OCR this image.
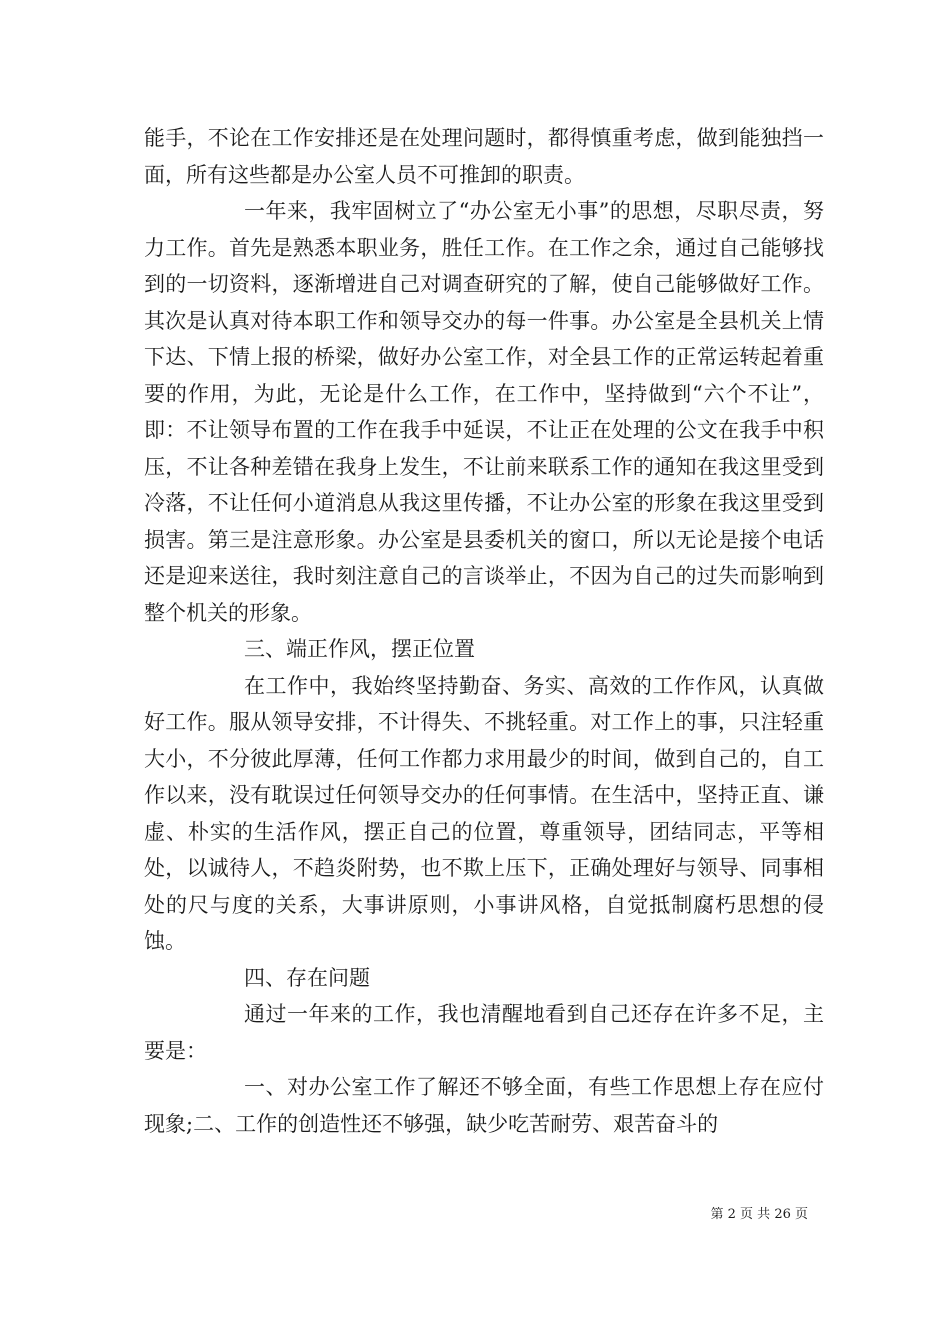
能手，不论在工作安排还是在处理问题时，都得慎重考虑，做到能独挡一面，所有这些都是办公室人员不可推卸的职责。

一年来，我牢固树立了“办公室无小事”的思想，尽职尽责，努力工作。首先是熟悉本职业务，胜任工作。在工作之余，通过自己能够找到的一切资料，逐渐增进自己对调查研究的了解，使自己能够做好工作。其次是认真对待本职工作和领导交办的每一件事。办公室是全县机关上情下达、下情上报的桥梁，做好办公室工作，对全县工作的正常运转起着重要的作用，为此，无论是什么工作，在工作中，坚持做到“六个不让”，即：不让领导布置的工作在我手中延误，不让正在处理的公文在我手中积压，不让各种差错在我身上发生，不让前来联系工作的通知在我这里受到冷落，不让任何小道消息从我这里传播，不让办公室的形象在我这里受到损害。第三是注意形象。办公室是县委机关的窗口，所以无论是接个电话还是迎来送往，我时刻注意自己的言谈举止，不因为自己的过失而影响到整个机关的形象。

三、端正作风，摆正位置

在工作中，我始终坚持勤奋、务实、高效的工作作风，认真做好工作。服从领导安排，不计得失、不挑轻重。对工作上的事，只注轻重大小，不分彼此厚薄，任何工作都力求用最少的时间，做到自己的，自工作以来，没有耽误过任何领导交办的任何事情。在生活中，坚持正直、谦虚、朴实的生活作风，摆正自己的位置，尊重领导，团结同志，平等相处，以诚待人，不趋炎附势，也不欺上压下，正确处理好与领导、同事相处的尺与度的关系，大事讲原则，小事讲风格，自觉抵制腐朽思想的侵蚀。

四、存在问题

通过一年来的工作，我也清醒地看到自己还存在许多不足，主要是：

一、对办公室工作了解还不够全面，有些工作思想上存在应付现象;二、工作的创造性还不够强，缺少吃苦耐劳、艰苦奋斗的

第 2 页 共 26 页
